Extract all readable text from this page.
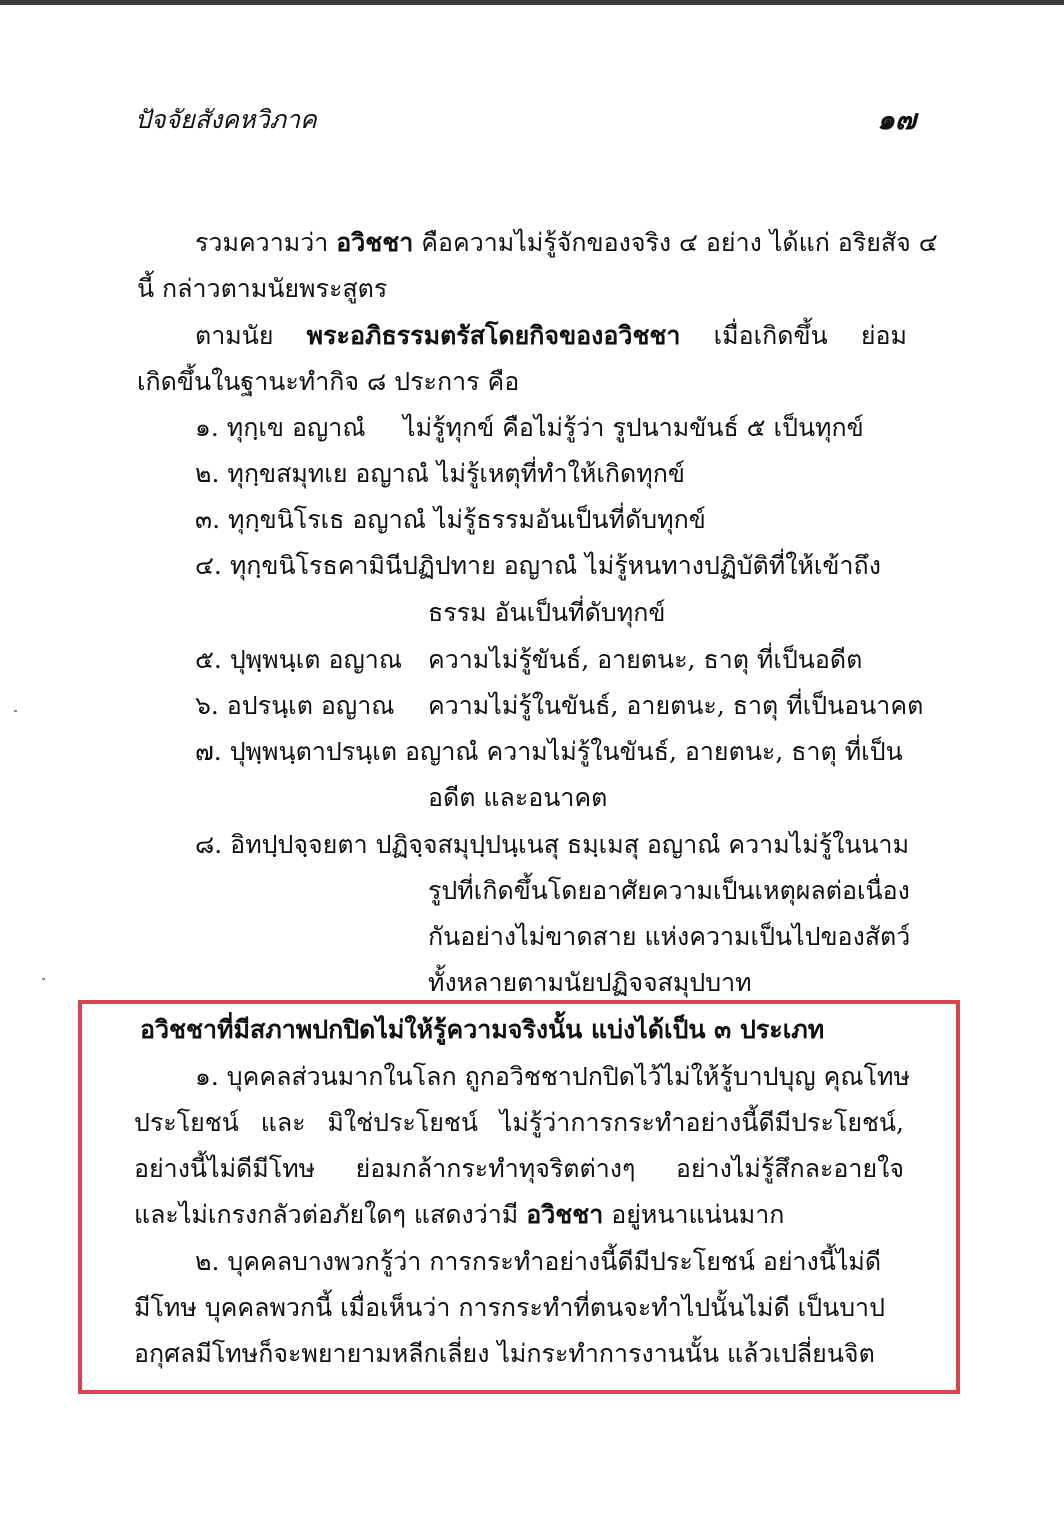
ปัจจัยสังคหวิภาค	๑๗
รวมความว่า อวิชชา คือความไม่รู้จักของจริง ๔ อย่าง ได้แก่ อริยสัจ ๔
นี้ กล่าวตามนัยพระสูตร
ตามนัย พระอภิธรรมตรัสโดยกิจของอวิชชา เมื่อเกิดขึ้น ย่อม
เกิดขึ้นในฐานะทำกิจ ๘ ประการ คือ
๑. ทุกฺเข อญาณํ ไม่รู้ทุกข์ คือไม่รู้ว่า รูปนามขันธ์ ๕ เป็นทุกข์
๒. ทุกฺขสมุทเย อญาณํ ไม่รู้เหตุที่ทำให้เกิดทุกข์
๓. ทุกฺขนิโรเธ อญาณํ ไม่รู้ธรรมอันเป็นที่ดับทุกข์
๔. ทุกฺขนิโรธคามินีปฏิปทาย อญาณํ ไม่รู้หนทางปฏิบัติที่ให้เข้าถึง
ธรรม อันเป็นที่ดับทุกข์
๕. ปุพฺพนฺเต อญาณ ความไม่รู้ขันธ์, อายตนะ, ธาตุ ที่เป็นอดีต
๖. อปรนฺเต อญาณ ความไม่รู้ในขันธ์, อายตนะ, ธาตุ ที่เป็นอนาคต
๗. ปุพฺพนฺตาปรนฺเต อญาณํ ความไม่รู้ในขันธ์, อายตนะ, ธาตุ ที่เป็น
อดีต และอนาคต
๘. อิทปฺปจฺจยตา ปฏิจฺจสมุปฺปนฺเนสุ ธมฺเมสุ อญาณํ ความไม่รู้ในนาม
รูปที่เกิดขึ้นโดยอาศัยความเป็นเหตุผลต่อเนื่อง
กันอย่างไม่ขาดสาย แห่งความเป็นไปของสัตว์
ทั้งหลายตามนัยปฏิจจสมุปบาท
อวิชชาที่มีสภาพปกปิดไม่ให้รู้ความจริงนั้น แบ่งได้เป็น ๓ ประเภท
๑. บุคคลส่วนมากในโลก ถูกอวิชชาปกปิดไว้ไม่ให้รู้บาปบุญ คุณโทษ
ประโยชน์ และ มิใช่ประโยชน์ ไม่รู้ว่าการกระทำอย่างนี้ดีมีประโยชน์,
อย่างนี้ไม่ดีมีโทษ ย่อมกล้ากระทำทุจริตต่างๆ อย่างไม่รู้สึกละอายใจ
และไม่เกรงกลัวต่อภัยใดๆ แสดงว่ามี อวิชชา อยู่หนาแน่นมาก
๒. บุคคลบางพวกรู้ว่า การกระทำอย่างนี้ดีมีประโยชน์ อย่างนี้ไม่ดี
มีโทษ บุคคลพวกนี้ เมื่อเห็นว่า การกระทำที่ตนจะทำไปนั้นไม่ดี เป็นบาป
อกุศลมีโทษก็จะพยายามหลีกเลี่ยง ไม่กระทำการงานนั้น แล้วเปลี่ยนจิต
